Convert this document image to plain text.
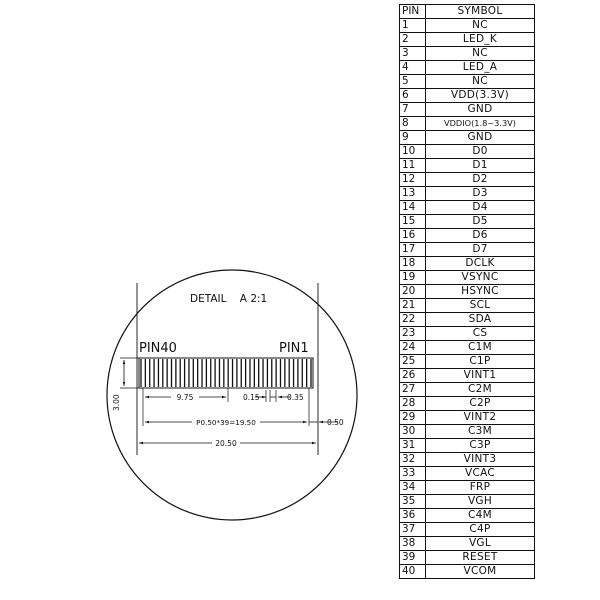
DETAIL    A 2:1
PIN40	PIN1
3.00	9.75	0.15	0.35
P0.50*39=19.50	0.50
20.50
PIN	SYMBOL
1	NC
2	LED_K
3	NC
4	LED_A
5	NC
6	VDD(3.3V)
7	GND
8	VDDIO(1.8~3.3V)
9	GND
10	D0
11	D1
12	D2
13	D3
14	D4
15	D5
16	D6
17	D7
18	DCLK
19	VSYNC
20	HSYNC
21	SCL
22	SDA
23	CS
24	C1M
25	C1P
26	VINT1
27	C2M
28	C2P
29	VINT2
30	C3M
31	C3P
32	VINT3
33	VCAC
34	FRP
35	VGH
36	C4M
37	C4P
38	VGL
39	RESET
40	VCOM
